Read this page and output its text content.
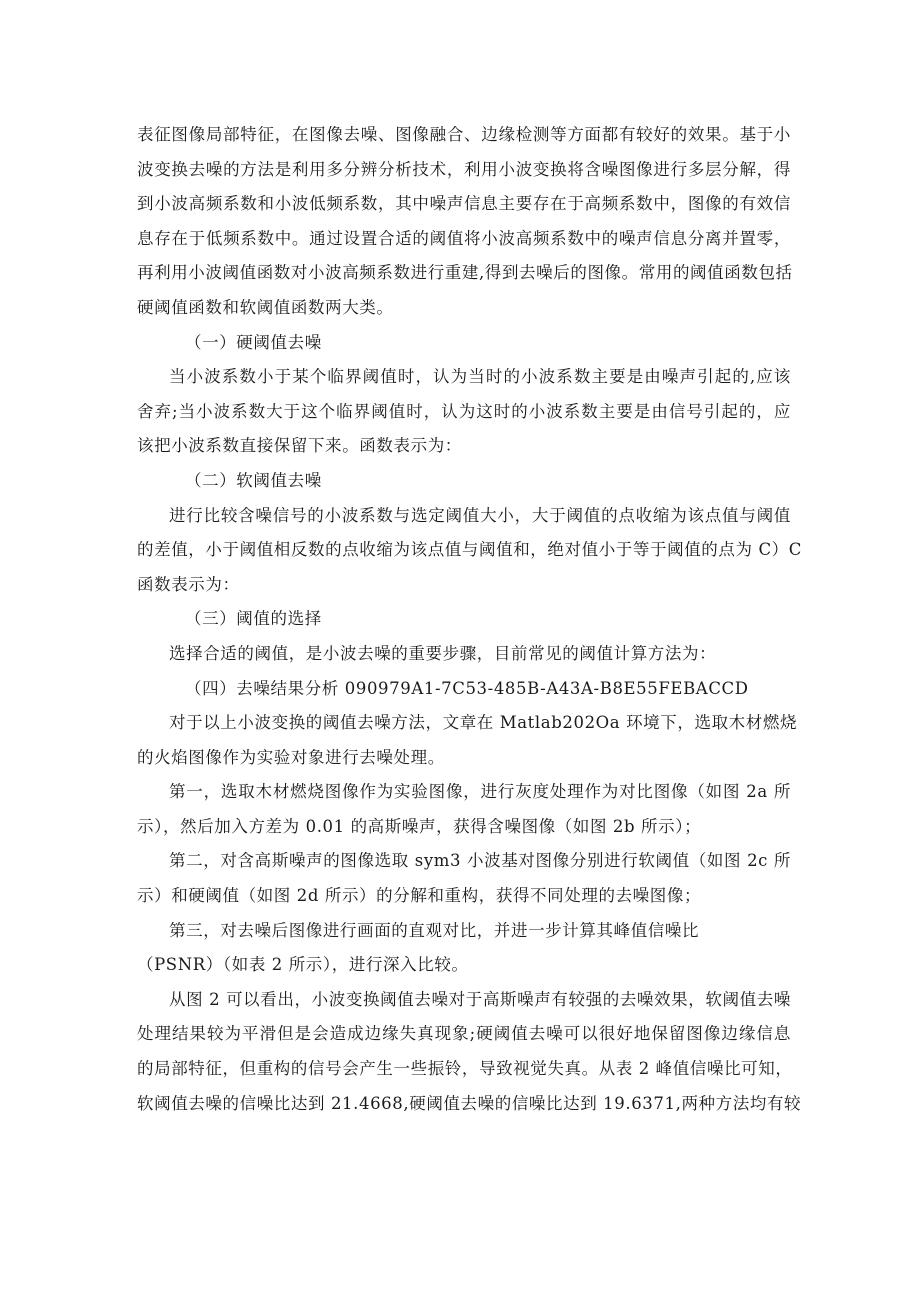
表征图像局部特征，在图像去噪、图像融合、边缘检测等方面都有较好的效果。基于小
波变换去噪的方法是利用多分辨分析技术，利用小波变换将含噪图像进行多层分解，得
到小波高频系数和小波低频系数，其中噪声信息主要存在于高频系数中，图像的有效信
息存在于低频系数中。通过设置合适的阈值将小波高频系数中的噪声信息分离并置零，
再利用小波阈值函数对小波高频系数进行重建,得到去噪后的图像。常用的阈值函数包括
硬阈值函数和软阈值函数两大类。
（一）硬阈值去噪
当小波系数小于某个临界阈值时，认为当时的小波系数主要是由噪声引起的,应该
舍弃;当小波系数大于这个临界阈值时，认为这时的小波系数主要是由信号引起的，应
该把小波系数直接保留下来。函数表示为：
（二）软阈值去噪
进行比较含噪信号的小波系数与选定阈值大小，大于阈值的点收缩为该点值与阈值
的差值，小于阈值相反数的点收缩为该点值与阈值和，绝对值小于等于阈值的点为 C）C
函数表示为：
（三）阈值的选择
选择合适的阈值，是小波去噪的重要步骤，目前常见的阈值计算方法为：
（四）去噪结果分析 090979A1-7C53-485B-A43A-B8E55FEBACCD
对于以上小波变换的阈值去噪方法，文章在 Matlab202Oa 环境下，选取木材燃烧
的火焰图像作为实验对象进行去噪处理。
第一，选取木材燃烧图像作为实验图像，进行灰度处理作为对比图像（如图 2a 所
示），然后加入方差为 0.01 的高斯噪声，获得含噪图像（如图 2b 所示）；
第二，对含高斯噪声的图像选取 sym3 小波基对图像分别进行软阈值（如图 2c 所
示）和硬阈值（如图 2d 所示）的分解和重构，获得不同处理的去噪图像；
第三，对去噪后图像进行画面的直观对比，并进一步计算其峰值信噪比
（PSNR）（如表 2 所示），进行深入比较。
从图 2 可以看出，小波变换阈值去噪对于高斯噪声有较强的去噪效果，软阈值去噪
处理结果较为平滑但是会造成边缘失真现象;硬阈值去噪可以很好地保留图像边缘信息
的局部特征，但重构的信号会产生一些振铃，导致视觉失真。从表 2 峰值信噪比可知，
软阈值去噪的信噪比达到 21.4668,硬阈值去噪的信噪比达到 19.6371,两种方法均有较
